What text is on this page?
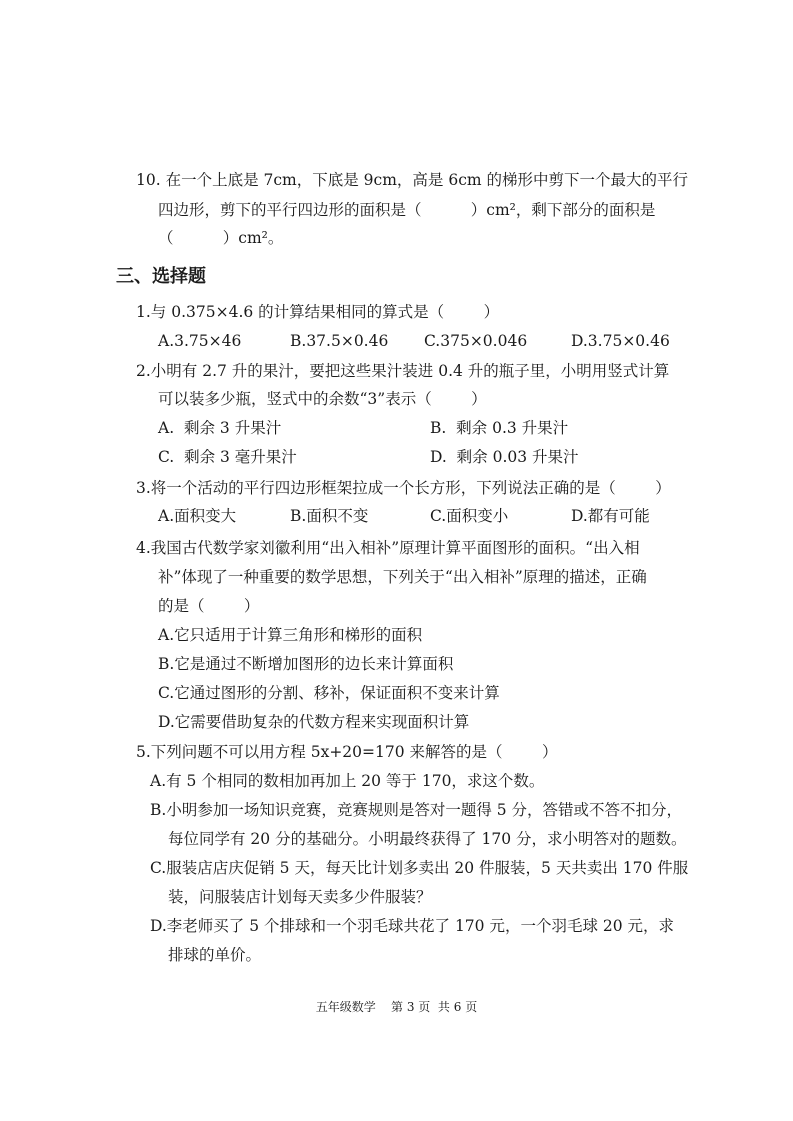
10. 在一个上底是 7cm，下底是 9cm，高是 6cm 的梯形中剪下一个最大的平行
四边形，剪下的平行四边形的面积是（          ）cm²，剩下部分的面积是
（          ）cm²。
三、选择题
1.与 0.375×4.6 的计算结果相同的算式是（        ）
A.3.75×46	B.37.5×0.46 C.375×0.046	D.3.75×0.46
2.小明有 2.7 升的果汁，要把这些果汁装进 0.4 升的瓶子里，小明用竖式计算
可以装多少瓶，竖式中的余数“3”表示（        ）
A.  剩余 3 升果汁	B.  剩余 0.3 升果汁
C.  剩余 3 毫升果汁	D.  剩余 0.03 升果汁
3.将一个活动的平行四边形框架拉成一个长方形，下列说法正确的是（        ）
A.面积变大	B.面积不变	C.面积变小	D.都有可能
4.我国古代数学家刘徽利用“出入相补”原理计算平面图形的面积。“出入相
补”体现了一种重要的数学思想，下列关于“出入相补”原理的描述，正确
的是（        ）
A.它只适用于计算三角形和梯形的面积
B.它是通过不断增加图形的边长来计算面积
C.它通过图形的分割、移补，保证面积不变来计算
D.它需要借助复杂的代数方程来实现面积计算
5.下列问题不可以用方程 5x+20=170 来解答的是（        ）
A.有 5 个相同的数相加再加上 20 等于 170，求这个数。
B.小明参加一场知识竞赛，竞赛规则是答对一题得 5 分，答错或不答不扣分，
每位同学有 20 分的基础分。小明最终获得了 170 分，求小明答对的题数。
C.服装店店庆促销 5 天，每天比计划多卖出 20 件服装，5 天共卖出 170 件服
装，问服装店计划每天卖多少件服装？
D.李老师买了 5 个排球和一个羽毛球共花了 170 元，一个羽毛球 20 元，求
排球的单价。
五年级数学    第 3 页  共 6 页
